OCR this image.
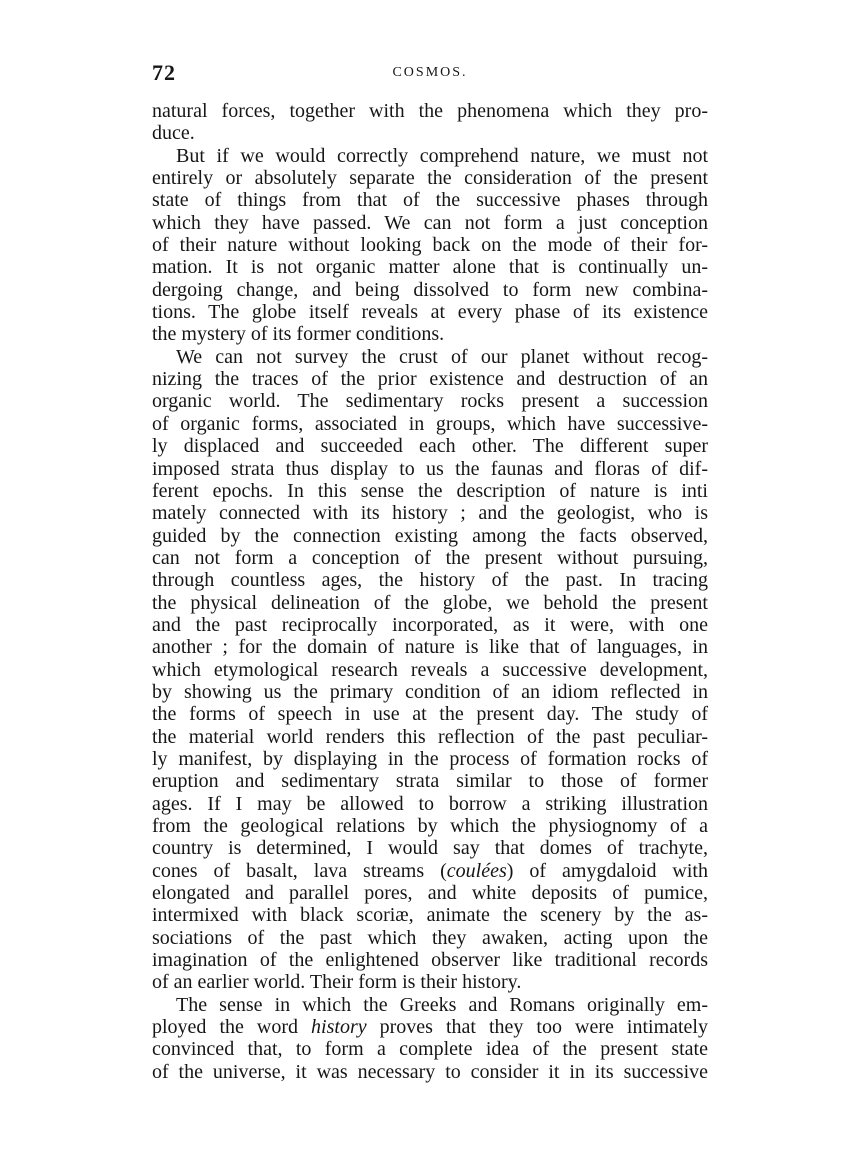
72	COSMOS.
natural forces, together with the phenomena which they pro-
duce.
But if we would correctly comprehend nature, we must not
entirely or absolutely separate the consideration of the present
state of things from that of the successive phases through
which they have passed. We can not form a just conception
of their nature without looking back on the mode of their for-
mation. It is not organic matter alone that is continually un-
dergoing change, and being dissolved to form new combina-
tions. The globe itself reveals at every phase of its existence
the mystery of its former conditions.
We can not survey the crust of our planet without recog-
nizing the traces of the prior existence and destruction of an
organic world. The sedimentary rocks present a succession
of organic forms, associated in groups, which have successive-
ly displaced and succeeded each other. The different super
imposed strata thus display to us the faunas and floras of dif-
ferent epochs. In this sense the description of nature is inti
mately connected with its history ; and the geologist, who is
guided by the connection existing among the facts observed,
can not form a conception of the present without pursuing,
through countless ages, the history of the past. In tracing
the physical delineation of the globe, we behold the present
and the past reciprocally incorporated, as it were, with one
another ; for the domain of nature is like that of languages, in
which etymological research reveals a successive development,
by showing us the primary condition of an idiom reflected in
the forms of speech in use at the present day. The study of
the material world renders this reflection of the past peculiar-
ly manifest, by displaying in the process of formation rocks of
eruption and sedimentary strata similar to those of former
ages. If I may be allowed to borrow a striking illustration
from the geological relations by which the physiognomy of a
country is determined, I would say that domes of trachyte,
cones of basalt, lava streams (coulées) of amygdaloid with
elongated and parallel pores, and white deposits of pumice,
intermixed with black scoriæ, animate the scenery by the as-
sociations of the past which they awaken, acting upon the
imagination of the enlightened observer like traditional records
of an earlier world. Their form is their history.
The sense in which the Greeks and Romans originally em-
ployed the word history proves that they too were intimately
convinced that, to form a complete idea of the present state
of the universe, it was necessary to consider it in its successive
